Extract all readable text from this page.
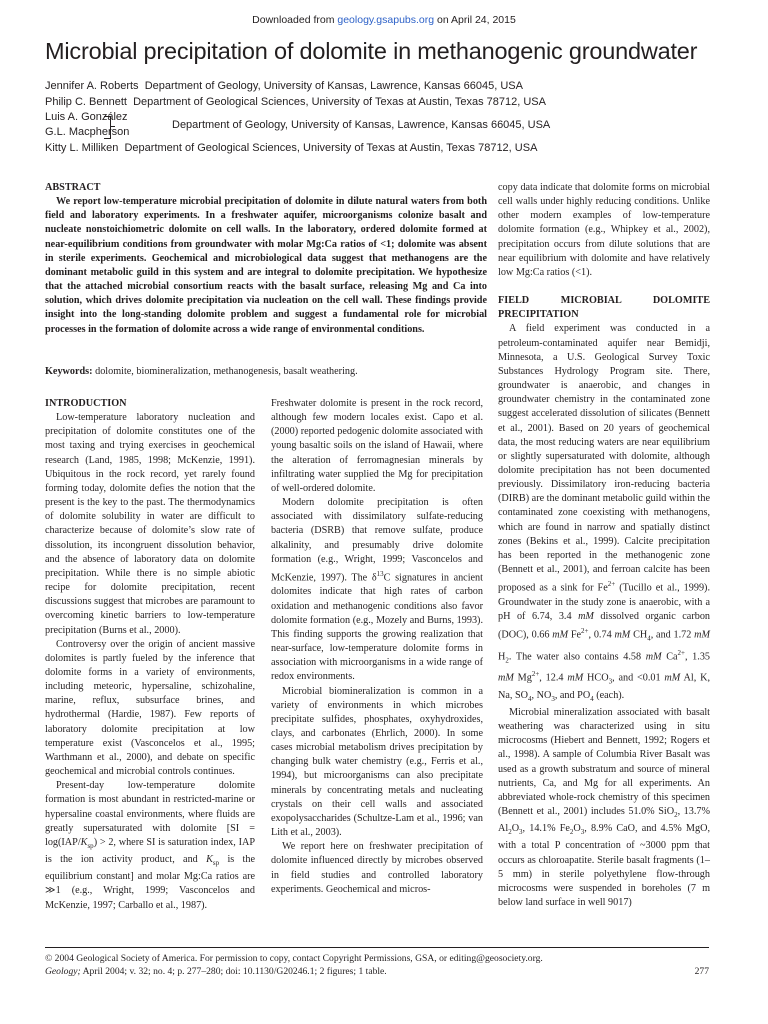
Downloaded from geology.gsapubs.org on April 24, 2015
Microbial precipitation of dolomite in methanogenic groundwater
Jennifer A. Roberts Department of Geology, University of Kansas, Lawrence, Kansas 66045, USA
Philip C. Bennett Department of Geological Sciences, University of Texas at Austin, Texas 78712, USA
Luis A. González
G.L. Macpherson
Department of Geology, University of Kansas, Lawrence, Kansas 66045, USA
Kitty L. Milliken Department of Geological Sciences, University of Texas at Austin, Texas 78712, USA
ABSTRACT
We report low-temperature microbial precipitation of dolomite in dilute natural waters from both field and laboratory experiments. In a freshwater aquifer, microorganisms colonize basalt and nucleate nonstoichiometric dolomite on cell walls. In the laboratory, ordered dolomite formed at near-equilibrium conditions from groundwater with molar Mg:Ca ratios of <1; dolomite was absent in sterile experiments. Geochemical and microbiological data suggest that methanogens are the dominant metabolic guild in this system and are integral to dolomite precipitation. We hypothesize that the attached microbial consortium reacts with the basalt surface, releasing Mg and Ca into solution, which drives dolomite precipitation via nucleation on the cell wall. These findings provide insight into the long-standing dolomite problem and suggest a fundamental role for microbial processes in the formation of dolomite across a wide range of environmental conditions.
Keywords: dolomite, biomineralization, methanogenesis, basalt weathering.
INTRODUCTION

Low-temperature laboratory nucleation and precipitation of dolomite constitutes one of the most taxing and trying exercises in geochemical research (Land, 1985, 1998; McKenzie, 1991). Ubiquitous in the rock record, yet rarely found forming today, dolomite defies the notion that the present is the key to the past. The thermodynamics of dolomite solubility in water are difficult to characterize because of dolomite’s slow rate of dissolution, its incongruent dissolution behavior, and the absence of laboratory data on dolomite precipitation. While there is no simple abiotic recipe for dolomite precipitation, recent discussions suggest that microbes are paramount to overcoming kinetic barriers to low-temperature precipitation (Burns et al., 2000).

Controversy over the origin of ancient massive dolomites is partly fueled by the inference that dolomite forms in a variety of environments, including meteoric, hypersaline, schizohaline, marine, reflux, subsurface brines, and hydrothermal (Hardie, 1987). Few reports of laboratory dolomite precipitation at low temperature exist (Vasconcelos et al., 1995; Warthmann et al., 2000), and debate on specific geochemical and microbial controls continues.

Present-day low-temperature dolomite formation is most abundant in restricted-marine or hypersaline coastal environments, where fluids are greatly supersaturated with dolomite [$SI = \log(IAP/K_{sp}) > 2$, where SI is saturation index, IAP is the ion activity product, and $K_{sp}$ is the equilibrium constant] and molar Mg:Ca ratios are ≫1 (e.g., Wright, 1999; Vasconcelos and McKenzie, 1997; Carballo et al., 1987).

Freshwater dolomite is present in the rock record, although few modern locales exist. Capo et al. (2000) reported pedogenic dolomite associated with young basaltic soils on the island of Hawaii, where the alteration of ferromagnesian minerals by infiltrating water supplied the Mg for precipitation of well-ordered dolomite.

Modern dolomite precipitation is often associated with dissimilatory sulfate-reducing bacteria (DSRB) that remove sulfate, produce alkalinity, and presumably drive dolomite formation (e.g., Wright, 1999; Vasconcelos and McKenzie, 1997). The $\delta^{13}C$ signatures in ancient dolomites indicate that high rates of carbon oxidation and methanogenic conditions also favor dolomite formation (e.g., Mozely and Burns, 1993). This finding supports the growing realization that near-surface, low-temperature dolomite forms in association with microorganisms in a wide range of redox environments.

Microbial biomineralization is common in a variety of environments in which microbes precipitate sulfides, phosphates, oxyhydroxides, clays, and carbonates (Ehrlich, 2000). In some cases microbial metabolism drives precipitation by changing bulk water chemistry (e.g., Ferris et al., 1994), but microorganisms can also precipitate minerals by concentrating metals and nucleating crystals on their cell walls and associated exopolysaccharides (Schultze-Lam et al., 1996; van Lith et al., 2003).

We report here on freshwater precipitation of dolomite influenced directly by microbes observed in field studies and controlled laboratory experiments. Geochemical and micros-

copy data indicate that dolomite forms on microbial cell walls under highly reducing conditions. Unlike other modern examples of low-temperature dolomite formation (e.g., Whipkey et al., 2002), precipitation occurs from dilute solutions that are near equilibrium with dolomite and have relatively low Mg:Ca ratios (<1).

FIELD MICROBIAL DOLOMITE PRECIPITATION

A field experiment was conducted in a petroleum-contaminated aquifer near Bemidji, Minnesota, a U.S. Geological Survey Toxic Substances Hydrology Program site. There, groundwater is anaerobic, and changes in groundwater chemistry in the contaminated zone suggest accelerated dissolution of silicates (Bennett et al., 2001). Based on 20 years of geochemical data, the most reducing waters are near equilibrium or slightly supersaturated with dolomite, although dolomite precipitation has not been documented previously. Dissimilatory iron-reducing bacteria (DIRB) are the dominant metabolic guild within the contaminated zone coexisting with methanogens, which are found in narrow and spatially distinct zones (Bekins et al., 1999). Calcite precipitation has been reported in the methanogenic zone (Bennett et al., 2001), and ferroan calcite has been proposed as a sink for $Fe^{2+}$ (Tucillo et al., 1999). Groundwater in the study zone is anaerobic, with a pH of 6.74, 3.4 mM dissolved organic carbon (DOC), 0.66 mM $Fe^{2+}$, 0.74 mM $CH_4$, and 1.72 mM $H_2$. The water also contains 4.58 mM $Ca^{2+}$, 1.35 mM $Mg^{2+}$, 12.4 mM $HCO_3$, and <0.01 mM Al, K, Na, $SO_4$, $NO_3$, and $PO_4$ (each).

Microbial mineralization associated with basalt weathering was characterized using in situ microcosms (Hiebert and Bennett, 1992; Rogers et al., 1998). A sample of Columbia River Basalt was used as a growth substratum and source of mineral nutrients, Ca, and Mg for all experiments. An abbreviated whole-rock chemistry of this specimen (Bennett et al., 2001) includes 51.0% SiO$_2$, 13.7% $Al_2O_3$, 14.1% $Fe_2O_3$, 8.9% CaO, and 4.5% MgO, with a total P concentration of ~3000 ppm that occurs as chloroapatite. Sterile basalt fragments (1–5 mm) in sterile polyethylene flow-through microcosms were suspended in boreholes (7 m below land surface in well 9017)

© 2004 Geological Society of America. For permission to copy, contact Copyright Permissions, GSA, or editing@geosociety.org.
Geology; April 2004; v. 32; no. 4; p. 277–280; doi: 10.1130/G20246.1; 2 figures; 1 table.	277
